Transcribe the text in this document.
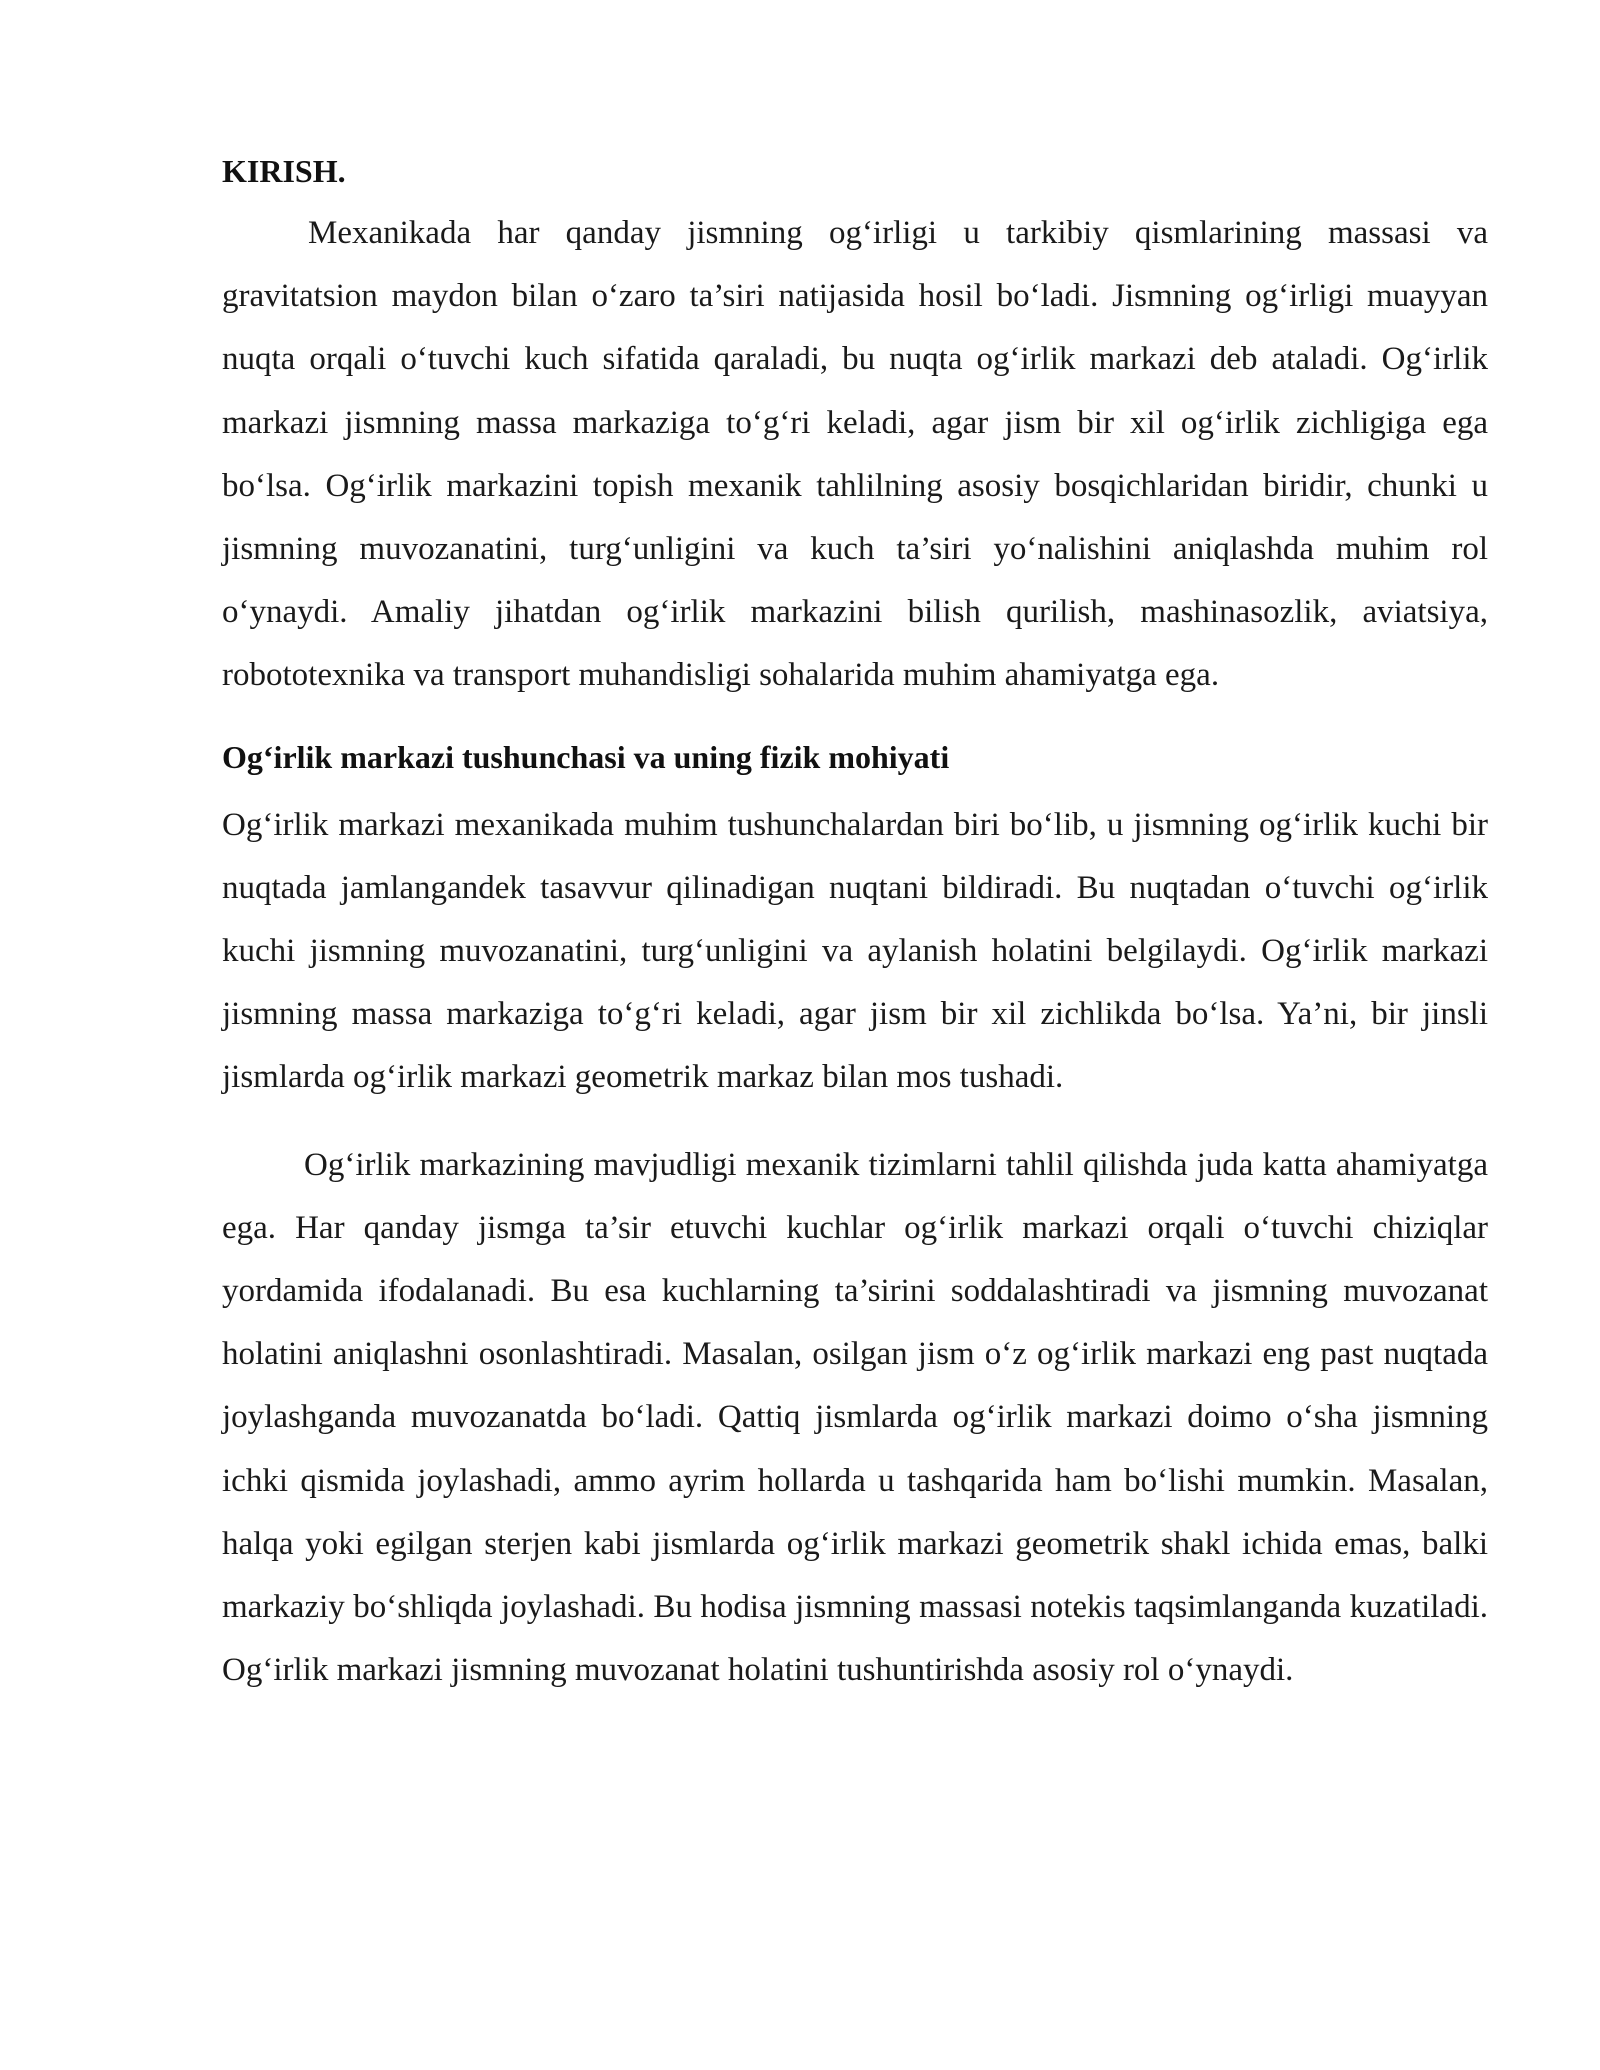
KIRISH.

Mexanikada har qanday jismning og‘irligi u tarkibiy qismlarining massasi va gravitatsion maydon bilan o‘zaro ta’siri natijasida hosil bo‘ladi. Jismning og‘irligi muayyan nuqta orqali o‘tuvchi kuch sifatida qaraladi, bu nuqta og‘irlik markazi deb ataladi. Og‘irlik markazi jismning massa markaziga to‘g‘ri keladi, agar jism bir xil og‘irlik zichligiga ega bo‘lsa. Og‘irlik markazini topish mexanik tahlilning asosiy bosqichlaridan biridir, chunki u jismning muvozanatini, turg‘unligini va kuch ta’siri yo‘nalishini aniqlashda muhim rol o‘ynaydi. Amaliy jihatdan og‘irlik markazini bilish qurilish, mashinasozlik, aviatsiya, robototexnika va transport muhandisligi sohalarida muhim ahamiyatga ega.

Og‘irlik markazi tushunchasi va uning fizik mohiyati

Og‘irlik markazi mexanikada muhim tushunchalardan biri bo‘lib, u jismning og‘irlik kuchi bir nuqtada jamlangandek tasavvur qilinadigan nuqtani bildiradi. Bu nuqtadan o‘tuvchi og‘irlik kuchi jismning muvozanatini, turg‘unligini va aylanish holatini belgilaydi. Og‘irlik markazi jismning massa markaziga to‘g‘ri keladi, agar jism bir xil zichlikda bo‘lsa. Ya’ni, bir jinsli jismlarda og‘irlik markazi geometrik markaz bilan mos tushadi.

Og‘irlik markazining mavjudligi mexanik tizimlarni tahlil qilishda juda katta ahamiyatga ega. Har qanday jismga ta’sir etuvchi kuchlar og‘irlik markazi orqali o‘tuvchi chiziqlar yordamida ifodalanadi. Bu esa kuchlarning ta’sirini soddalashtiradi va jismning muvozanat holatini aniqlashni osonlashtiradi. Masalan, osilgan jism o‘z og‘irlik markazi eng past nuqtada joylashganda muvozanatda bo‘ladi. Qattiq jismlarda og‘irlik markazi doimo o‘sha jismning ichki qismida joylashadi, ammo ayrim hollarda u tashqarida ham bo‘lishi mumkin. Masalan, halqa yoki egilgan sterjen kabi jismlarda og‘irlik markazi geometrik shakl ichida emas, balki markaziy bo‘shliqda joylashadi. Bu hodisa jismning massasi notekis taqsimlanganda kuzatiladi. Og‘irlik markazi jismning muvozanat holatini tushuntirishda asosiy rol o‘ynaydi.
